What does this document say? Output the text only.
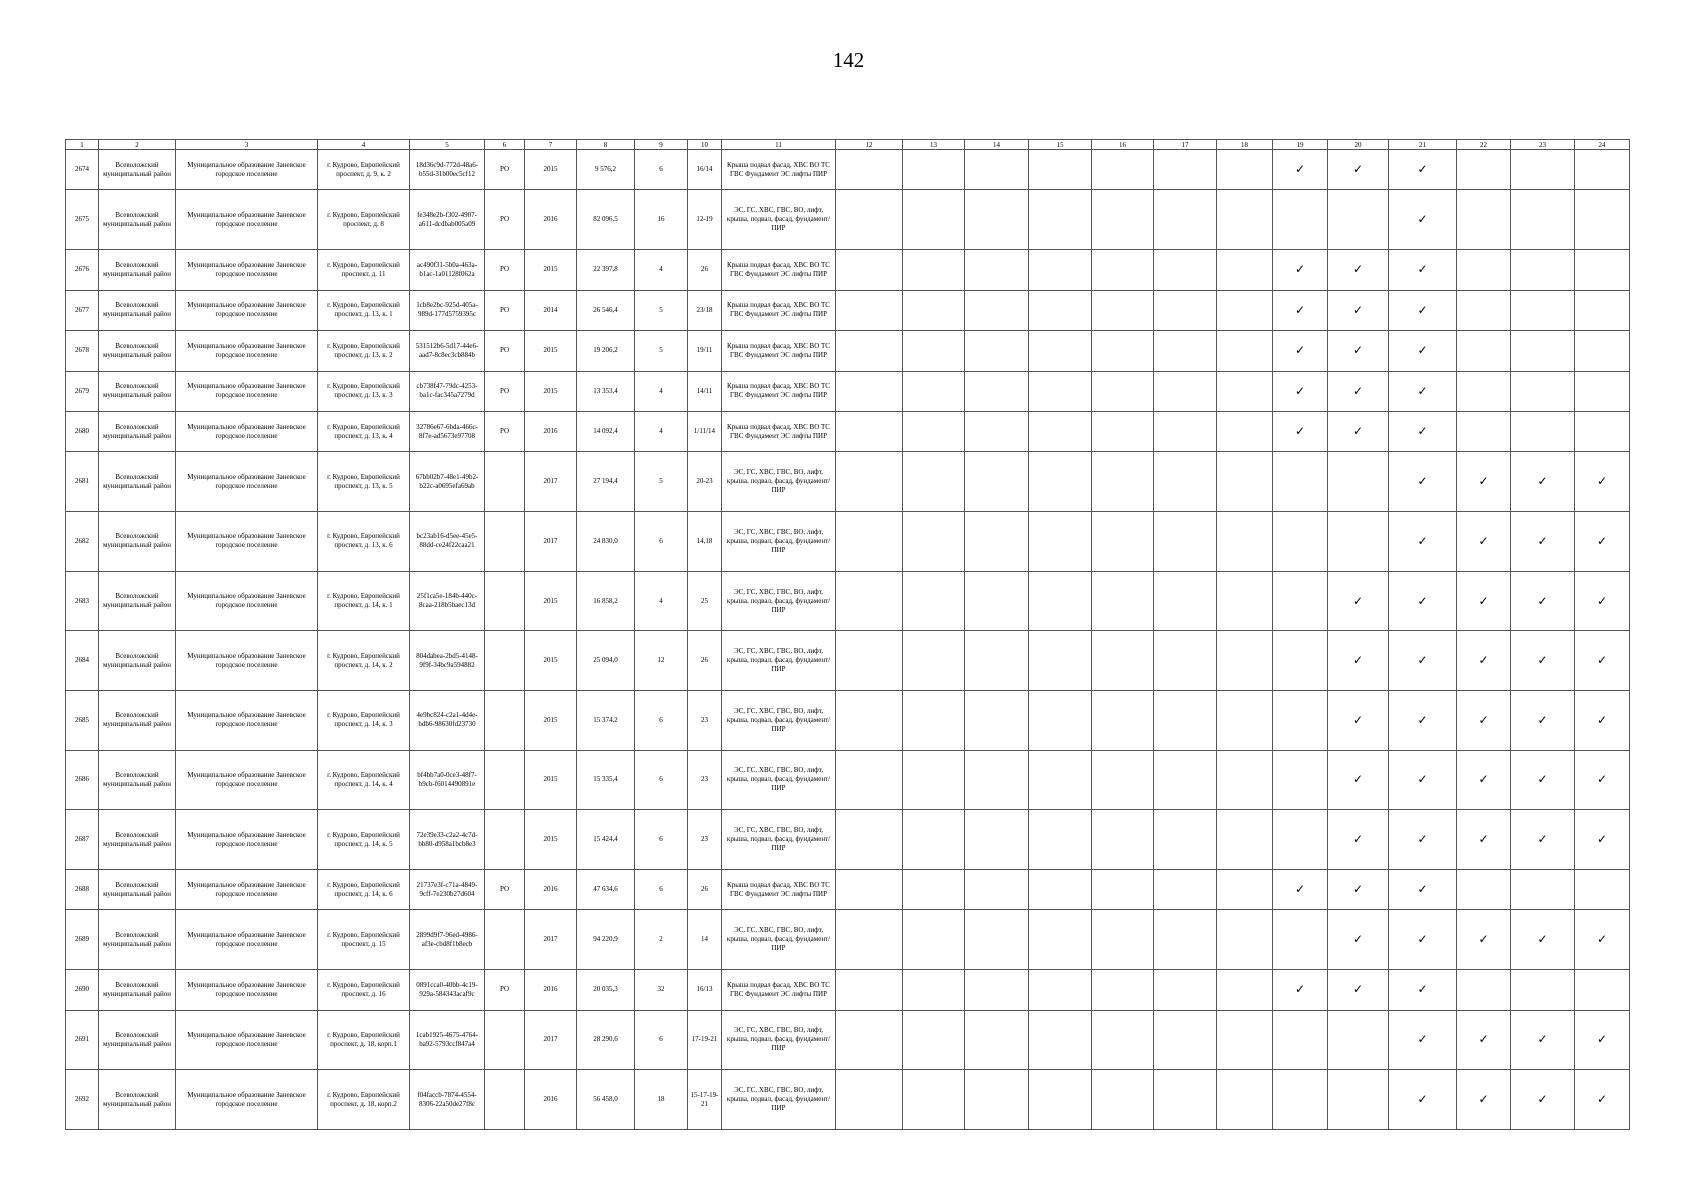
142
1	2	3	4	5	6	7	8	9	10	11	12	13	14	15	16	17	18	19	20	21	22	23	24
2674	Всеволожский муниципальный район	Муниципальное образование Заневское городское поселение	г. Кудрово, Европейский проспект, д. 9, к. 2	18d36c9d-772d-48a6-b55d-31b00ec5cf12	РО	2015	9 576,2	6	16/14	Крыша подвал фасад, ХВС ВО ТС ГВС Фундамент ЭС лифты ПИР								✓	✓	✓			
2675	Всеволожский муниципальный район	Муниципальное образование Заневское городское поселение	г. Кудрово, Европейский проспект, д. 8	fe348e2b-f302-4907-a611-dcdbab005a09	РО	2016	82 096,5	16	12-19	ЭС, ГС, ХВС, ГВС, ВО, лифт, крыша, подвал, фасад, фундамент/ПИР										✓			
2676	Всеволожский муниципальный район	Муниципальное образование Заневское городское поселение	г. Кудрово, Европейский проспект, д. 11	ac490f31-5b0a-463a-b1ac-1a01128f062a	РО	2015	22 397,8	4	26	Крыша подвал фасад, ХВС ВО ТС ГВС Фундамент ЭС лифты ПИР								✓	✓	✓			
2677	Всеволожский муниципальный район	Муниципальное образование Заневское городское поселение	г. Кудрово, Европейский проспект, д. 13, к. 1	1cb8e2bc-925d-405a-989d-177d5759395c	РО	2014	26 546,4	5	23/18	Крыша подвал фасад, ХВС ВО ТС ГВС Фундамент ЭС лифты ПИР								✓	✓	✓			
2678	Всеволожский муниципальный район	Муниципальное образование Заневское городское поселение	г. Кудрово, Европейский проспект, д. 13, к. 2	531512b6-5d17-44e6-aad7-8c8ec3cb884b	РО	2015	19 206,2	5	19/11	Крыша подвал фасад, ХВС ВО ТС ГВС Фундамент ЭС лифты ПИР								✓	✓	✓			
2679	Всеволожский муниципальный район	Муниципальное образование Заневское городское поселение	г. Кудрово, Европейский проспект, д. 13, к. 3	cb738f47-79dc-4253-ba1c-fac345a7279d	РО	2015	13 353,4	4	14/11	Крыша подвал фасад, ХВС ВО ТС ГВС Фундамент ЭС лифты ПИР								✓	✓	✓			
2680	Всеволожский муниципальный район	Муниципальное образование Заневское городское поселение	г. Кудрово, Европейский проспект, д. 13, к. 4	32786e67-6bda-466c-8f7e-ad5673e97708	РО	2016	14 092,4	4	1/11/14	Крыша подвал фасад, ХВС ВО ТС ГВС Фундамент ЭС лифты ПИР								✓	✓	✓			
2681	Всеволожский муниципальный район	Муниципальное образование Заневское городское поселение	г. Кудрово, Европейский проспект, д. 13, к. 5	67bb02b7-48e1-49b2-b22c-a0695efa69ab		2017	27 194,4	5	20-23	ЭС, ГС, ХВС, ГВС, ВО, лифт, крыша, подвал, фасад, фундамент/ПИР										✓	✓	✓	✓
2682	Всеволожский муниципальный район	Муниципальное образование Заневское городское поселение	г. Кудрово, Европейский проспект, д. 13, к. 6	bc23ab16-d5ee-45e5-88dd-ce24f22caa21		2017	24 830,0	6	14,18	ЭС, ГС, ХВС, ГВС, ВО, лифт, крыша, подвал, фасад, фундамент/ПИР										✓	✓	✓	✓
2683	Всеволожский муниципальный район	Муниципальное образование Заневское городское поселение	г. Кудрово, Европейский проспект, д. 14, к. 1	25f1ca5e-184b-440c-8caa-218b5baec13d		2015	16 858,2	4	25	ЭС, ГС, ХВС, ГВС, ВО, лифт, крыша, подвал, фасад, фундамент/ПИР									✓	✓	✓	✓	✓
2684	Всеволожский муниципальный район	Муниципальное образование Заневское городское поселение	г. Кудрово, Европейский проспект, д. 14, к. 2	804dabea-2bd5-4148-9f9f-34bc9a594882		2015	25 094,0	12	26	ЭС, ГС, ХВС, ГВС, ВО, лифт, крыша, подвал, фасад, фундамент/ПИР									✓	✓	✓	✓	✓
2685	Всеволожский муниципальный район	Муниципальное образование Заневское городское поселение	г. Кудрово, Европейский проспект, д. 14, к. 3	4e9bc824-c2a1-4d4e-bdb6-98630fd23730		2015	15 374,2	6	23	ЭС, ГС, ХВС, ГВС, ВО, лифт, крыша, подвал, фасад, фундамент/ПИР									✓	✓	✓	✓	✓
2686	Всеволожский муниципальный район	Муниципальное образование Заневское городское поселение	г. Кудрово, Европейский проспект, д. 14, к. 4	bf4bb7a0-0ce3-48f7-b9cb-f6014490891e		2015	15 335,4	6	23	ЭС, ГС, ХВС, ГВС, ВО, лифт, крыша, подвал, фасад, фундамент/ПИР									✓	✓	✓	✓	✓
2687	Всеволожский муниципальный район	Муниципальное образование Заневское городское поселение	г. Кудрово, Европейский проспект, д. 14, к. 5	72e39e33-c2a2-4c7d-bb80-d958a1bcb8e3		2015	15 424,4	6	23	ЭС, ГС, ХВС, ГВС, ВО, лифт, крыша, подвал, фасад, фундамент/ПИР									✓	✓	✓	✓	✓
2688	Всеволожский муниципальный район	Муниципальное образование Заневское городское поселение	г. Кудрово, Европейский проспект, д. 14, к. 6	21737e3f-c71a-4849-9cff-7e230b27d604	РО	2016	47 634,6	6	26	Крыша подвал фасад, ХВС ВО ТС ГВС Фундамент ЭС лифты ПИР								✓	✓	✓			
2689	Всеволожский муниципальный район	Муниципальное образование Заневское городское поселение	г. Кудрово, Европейский проспект, д. 15	2899d9f7-96ed-4986-af3e-cbd8f1b8ecb		2017	94 220,9	2	14	ЭС, ГС, ХВС, ГВС, ВО, лифт, крыша, подвал, фасад, фундамент/ПИР									✓	✓	✓	✓	✓
2690	Всеволожский муниципальный район	Муниципальное образование Заневское городское поселение	г. Кудрово, Европейский проспект, д. 16	0891cca0-40bb-4c19-929a-584343acaf9c	РО	2016	20 035,3	32	16/13	Крыша подвал фасад, ХВС ВО ТС ГВС Фундамент ЭС лифты ПИР								✓	✓	✓			
2691	Всеволожский муниципальный район	Муниципальное образование Заневское городское поселение	г. Кудрово, Европейский проспект, д. 18, корп.1	1cab1925-4675-4764-ba92-5793ccf847a4		2017	28 290,6	6	17-19-21	ЭС, ГС, ХВС, ГВС, ВО, лифт, крыша, подвал, фасад, фундамент/ПИР										✓	✓	✓	✓
2692	Всеволожский муниципальный район	Муниципальное образование Заневское городское поселение	г. Кудрово, Европейский проспект, д. 18, корп.2	f04faccb-7874-4554-8306-22a50de27f8c		2016	56 458,0	18	15-17-19-21	ЭС, ГС, ХВС, ГВС, ВО, лифт, крыша, подвал, фасад, фундамент/ПИР										✓	✓	✓	✓
